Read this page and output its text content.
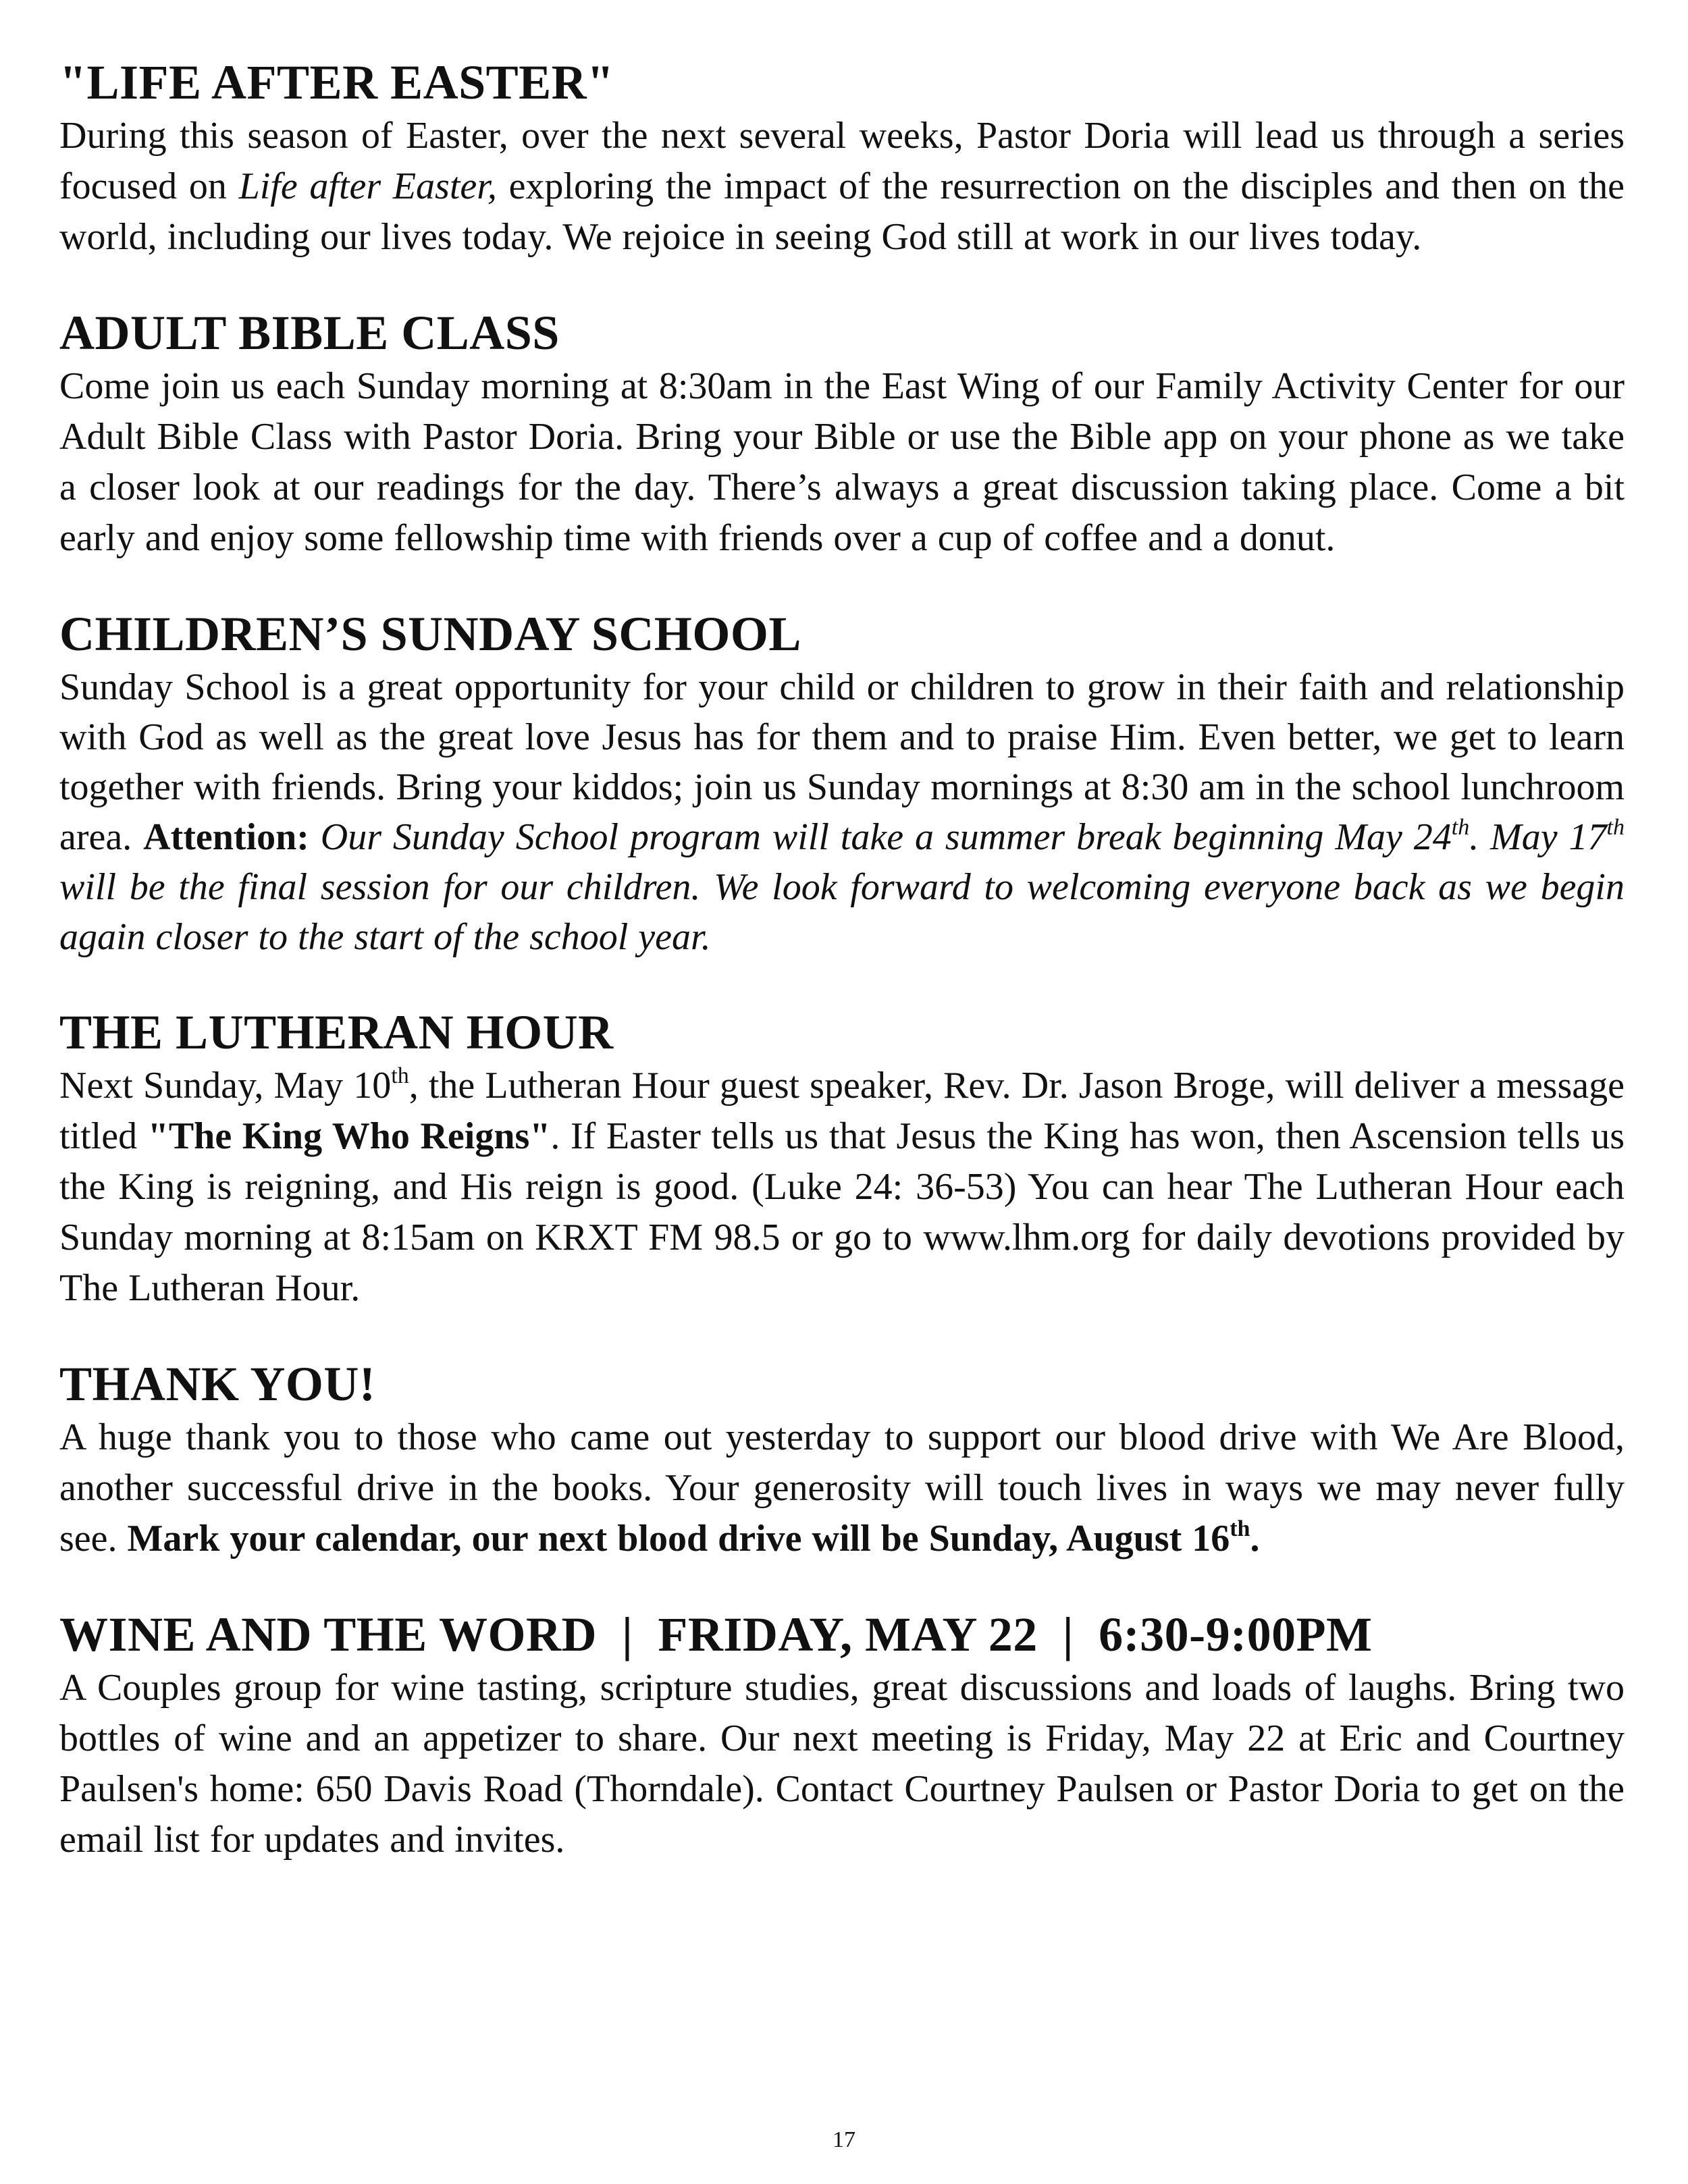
"LIFE AFTER EASTER"

During this season of Easter, over the next several weeks, Pastor Doria will lead us through a series focused on Life after Easter, exploring the impact of the resurrection on the disciples and then on the world, including our lives today. We rejoice in seeing God still at work in our lives today.

ADULT BIBLE CLASS

Come join us each Sunday morning at 8:30am in the East Wing of our Family Activity Center for our Adult Bible Class with Pastor Doria. Bring your Bible or use the Bible app on your phone as we take a closer look at our readings for the day. There’s always a great discussion taking place. Come a bit early and enjoy some fellowship time with friends over a cup of coffee and a donut.

CHILDREN’S SUNDAY SCHOOL

Sunday School is a great opportunity for your child or children to grow in their faith and relationship with God as well as the great love Jesus has for them and to praise Him. Even better, we get to learn together with friends. Bring your kiddos; join us Sunday mornings at 8:30 am in the school lunchroom area. Attention: Our Sunday School program will take a summer break beginning May 24th. May 17th will be the final session for our children. We look forward to welcoming everyone back as we begin again closer to the start of the school year.

THE LUTHERAN HOUR

Next Sunday, May 10th, the Lutheran Hour guest speaker, Rev. Dr. Jason Broge, will deliver a message titled "The King Who Reigns". If Easter tells us that Jesus the King has won, then Ascension tells us the King is reigning, and His reign is good. (Luke 24: 36-53) You can hear The Lutheran Hour each Sunday morning at 8:15am on KRXT FM 98.5 or go to www.lhm.org for daily devotions provided by The Lutheran Hour.

THANK YOU!

A huge thank you to those who came out yesterday to support our blood drive with We Are Blood, another successful drive in the books. Your generosity will touch lives in ways we may never fully see. Mark your calendar, our next blood drive will be Sunday, August 16th.

WINE AND THE WORD  |  FRIDAY, MAY 22  |  6:30-9:00PM

A Couples group for wine tasting, scripture studies, great discussions and loads of laughs. Bring two bottles of wine and an appetizer to share. Our next meeting is Friday, May 22 at Eric and Courtney Paulsen's home: 650 Davis Road (Thorndale). Contact Courtney Paulsen or Pastor Doria to get on the email list for updates and invites.

17
